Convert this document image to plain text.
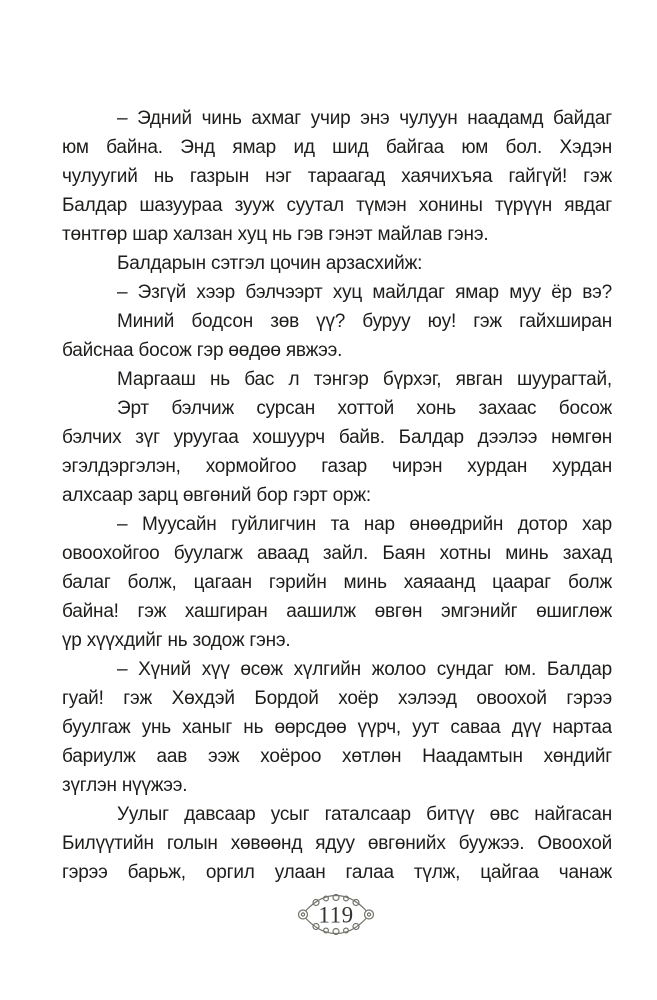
– Эдний чинь ахмаг учир энэ чулуун наадамд байдаг
юм байна. Энд ямар ид шид байгаа юм бол. Хэдэн
чулуугий нь газрын нэг тараагад хаячихъяа гайгүй! гэж
Балдар шазуураа зууж суутал түмэн хонины түрүүн явдаг
төнтгөр шар халзан хуц нь гэв гэнэт майлав гэнэ.
Балдарын сэтгэл цочин арзасхийж:
– Эзгүй хээр бэлчээрт хуц майлдаг ямар муу ёр вэ?
Миний бодсон зөв үү? буруу юу! гэж гайхширан
байснаа босож гэр өөдөө явжээ.
Маргааш нь бас л тэнгэр бүрхэг, явган шуурагтай,
Эрт бэлчиж сурсан хоттой хонь захаас босож
бэлчих зүг уруугаа хошуурч байв. Балдар дээлээ нөмгөн
эгэлдэргэлэн, хормойгоо газар чирэн хурдан хурдан
алхсаар зарц өвгөний бор гэрт орж:
– Муусайн гуйлигчин та нар өнөөдрийн дотор хар
овоохойгоо буулагж аваад зайл. Баян хотны минь захад
балаг болж, цагаан гэрийн минь хаяаанд цаараг болж
байна! гэж хашгиран аашилж өвгөн эмгэнийг өшиглөж
үр хүүхдийг нь зодож гэнэ.
– Хүний хүү өсөж хүлгийн жолоо сундаг юм. Балдар
гуай! гэж Хөхдэй Бордой хоёр хэлээд овоохой гэрээ
буулгаж унь ханыг нь өөрсдөө үүрч, уут саваа дүү нартаа
бариулж аав ээж хоёроо хөтлөн Наадамтын хөндийг
зүглэн нүүжээ.
Уулыг давсаар усыг гаталсаар битүү өвс найгасан
Билүүтийн голын хөвөөнд ядуу өвгөнийх буужээ. Овоохой
гэрээ барьж, оргил улаан галаа түлж, цайгаа чанаж
119
